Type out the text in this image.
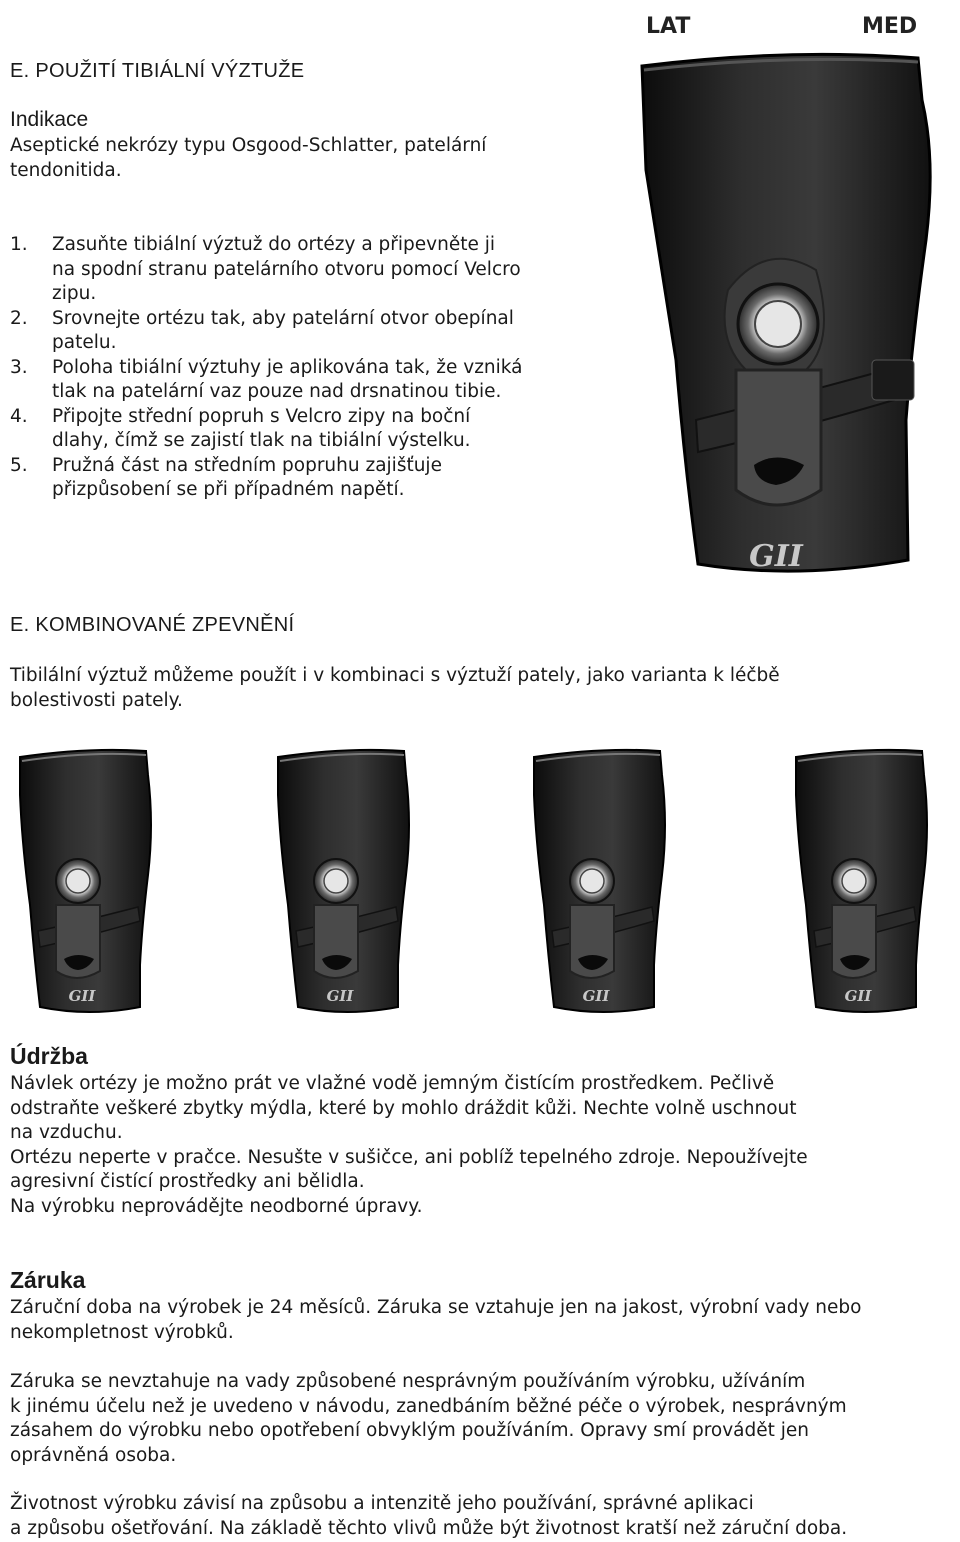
E. POUŽITÍ TIBIÁLNÍ VÝZTUŽE
Indikace

Aseptické nekrózy typu Osgood-Schlatter, patelární

tendonitida.

1. Zasuňte tibiální výztuž do ortézy a připevněte ji

na spodní stranu patelárního otvoru pomocí Velcro

zipu.

2. Srovnejte ortézu tak, aby patelární otvor obepínal

patelu.

3. Poloha tibiální výztuhy je aplikována tak, že vzniká

tlak na patelární vaz pouze nad drsnatinou tibie.

4. Připojte střední popruh s Velcro zipy na boční

dlahy, čímž se zajistí tlak na tibiální výstelku.

5. Pružná část na středním popruhu zajišťuje

přizpůsobení se při případném napětí.

LAT	MED
GII
E. KOMBINOVANÉ ZPEVNĚNÍ

Tibilální výztuž můžeme použít i v kombinaci s výztuží pately, jako varianta k léčbě

bolestivosti pately.

GII	GII	GII	GII
Údržba

Návlek ortézy je možno prát ve vlažné vodě jemným čistícím prostředkem. Pečlivě

odstraňte veškeré zbytky mýdla, které by mohlo dráždit kůži. Nechte volně uschnout

na vzduchu.

Ortézu neperte v pračce. Nesušte v sušičce, ani poblíž tepelného zdroje. Nepoužívejte

agresivní čistící prostředky ani bělidla.

Na výrobku neprovádějte neodborné úpravy.

Záruka

Záruční doba na výrobek je 24 měsíců. Záruka se vztahuje jen na jakost, výrobní vady nebo

nekompletnost výrobků.

Záruka se nevztahuje na vady způsobené nesprávným používáním výrobku, užíváním

k jinému účelu než je uvedeno v návodu, zanedbáním běžné péče o výrobek, nesprávným

zásahem do výrobku nebo opotřebení obvyklým používáním. Opravy smí provádět jen

oprávněná osoba.

Životnost výrobku závisí na způsobu a intenzitě jeho používání, správné aplikaci

a způsobu ošetřování. Na základě těchto vlivů může být životnost kratší než záruční doba.
